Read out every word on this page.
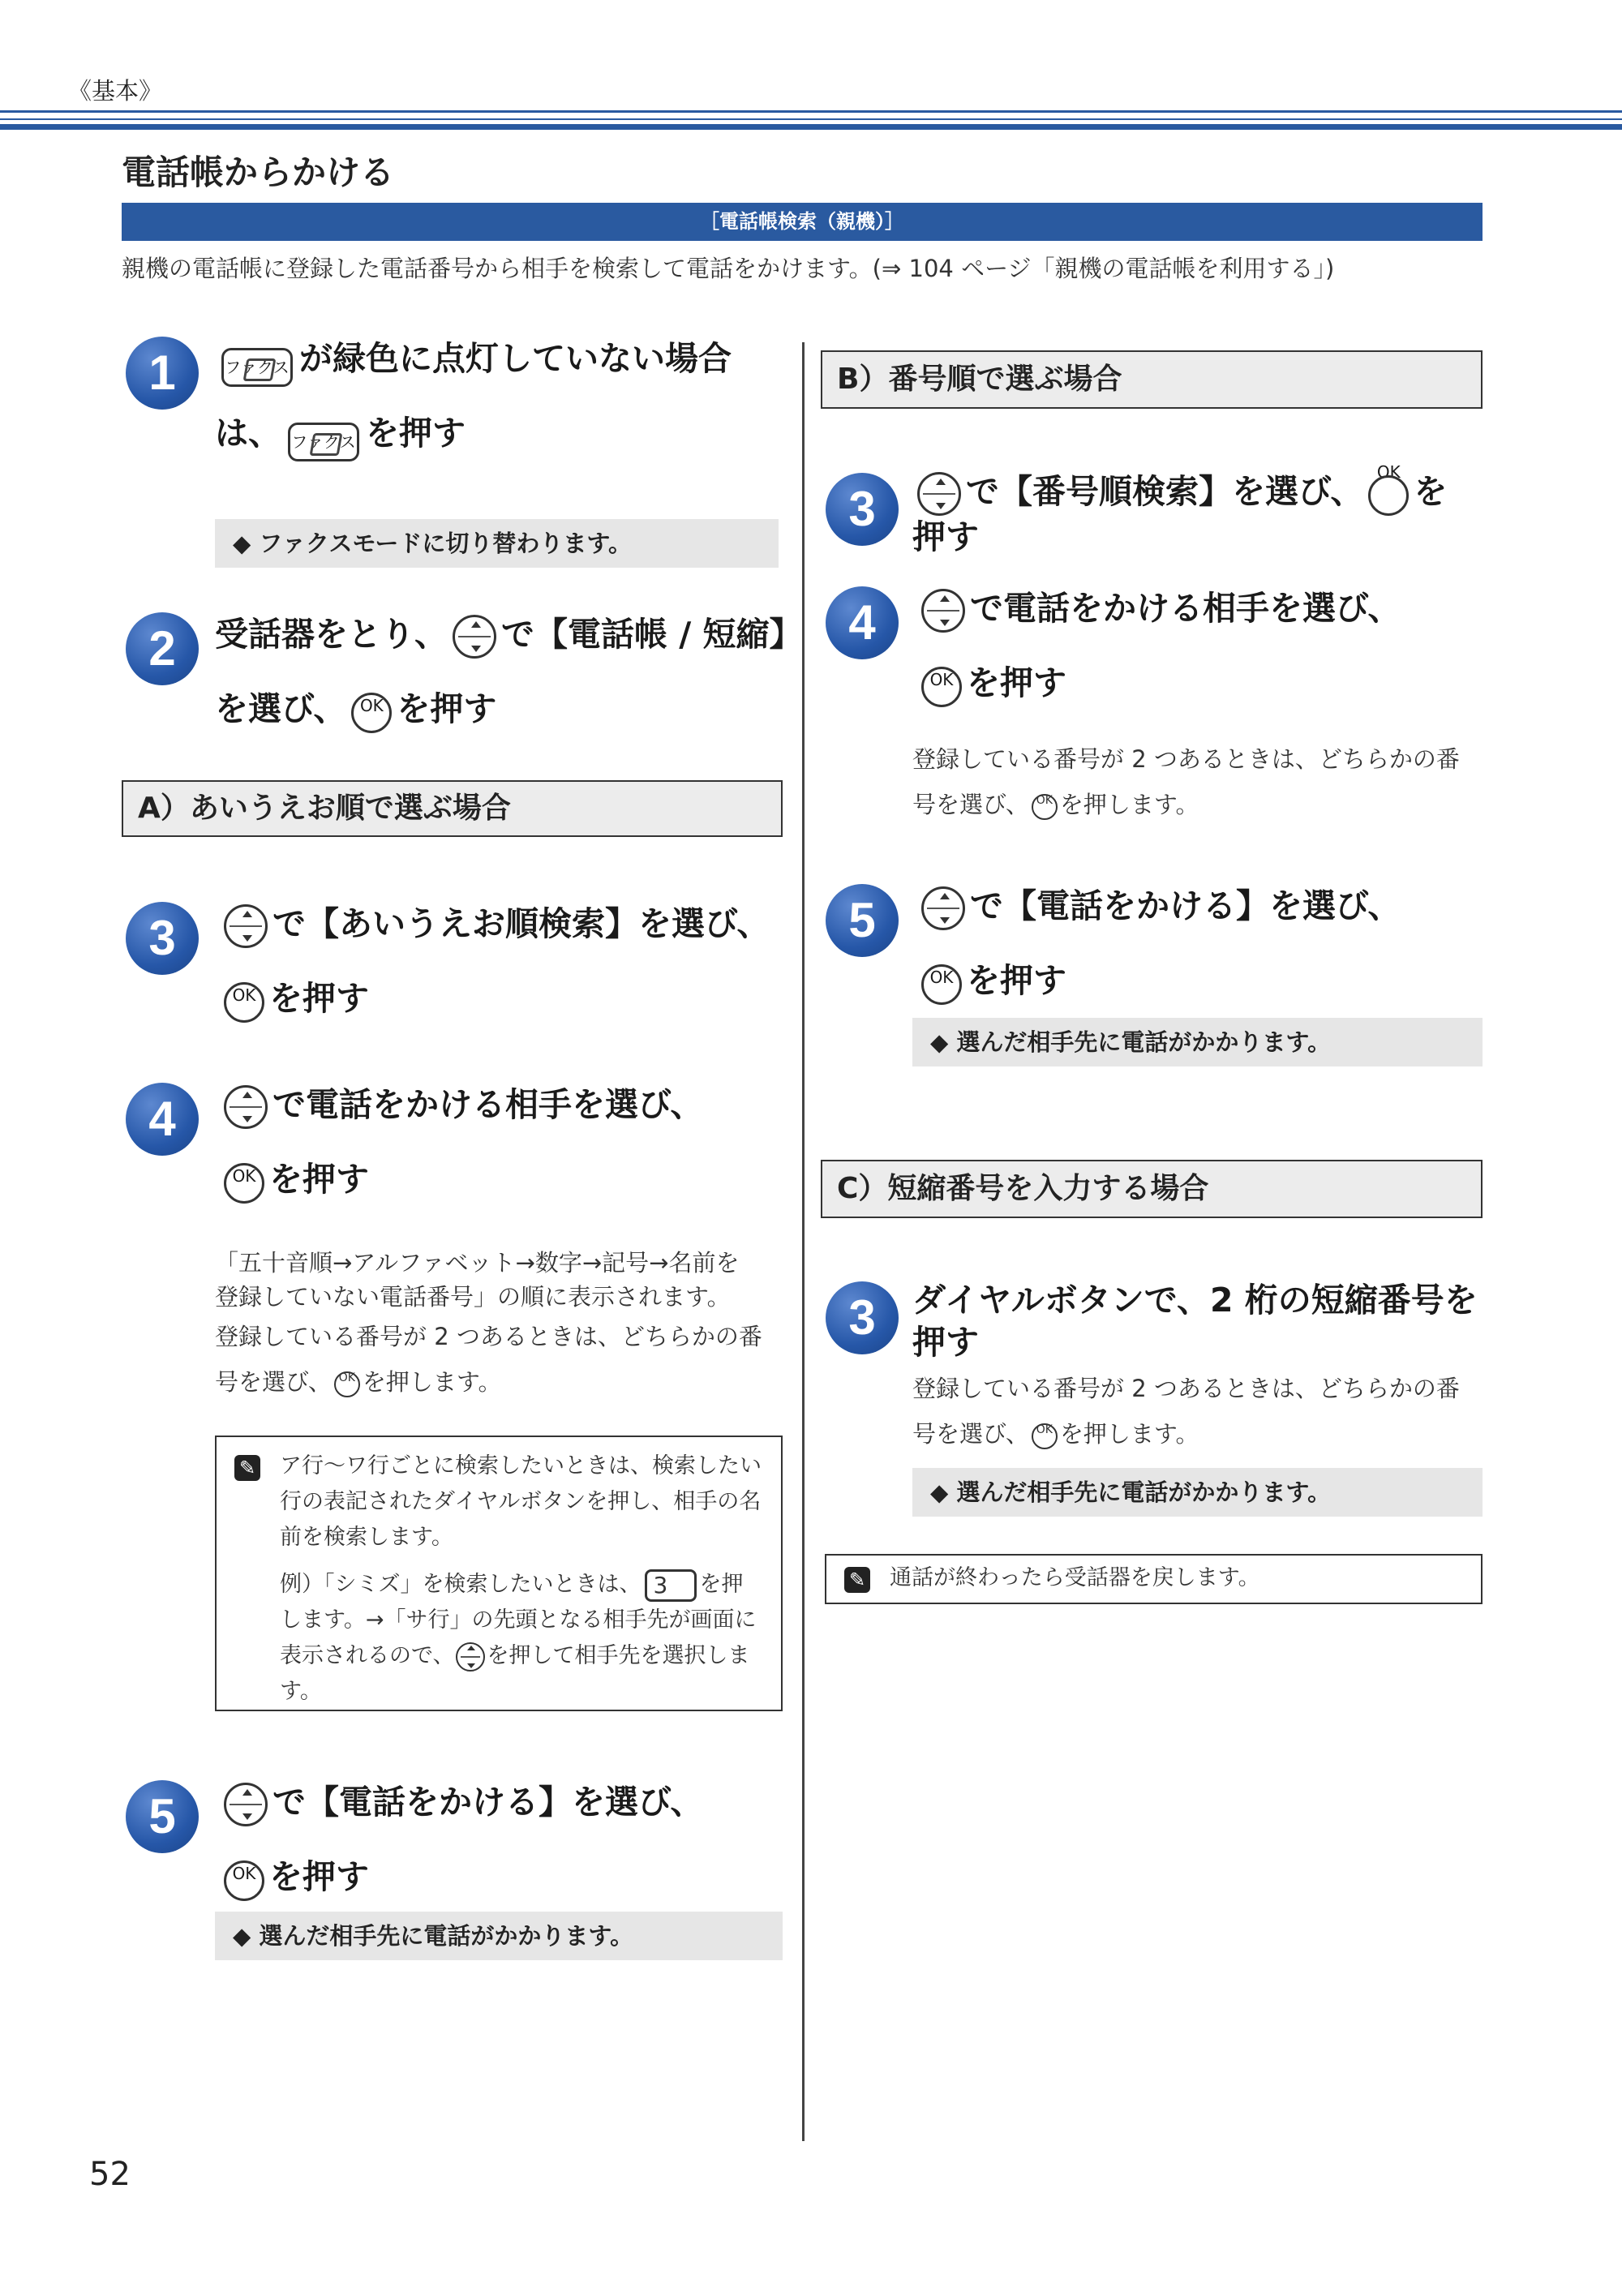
《基本》
電話帳からかける
［電話帳検索（親機）］
親機の電話帳に登録した電話番号から相手を検索して電話をかけます。(⇒ 104 ページ「親機の電話帳を利用する」)
1	ファクス が緑色に点灯していない場合
は、 ファクス を押す
◆ ファクスモードに切り替わります。
2	受話器をとり、 で【電話帳 / 短縮】
を選び、 OK を押す
A）あいうえお順で選ぶ場合
3	で【あいうえお順検索】を選び、
OK を押す
4	で電話をかける相手を選び、
OK を押す
「五十音順→アルファベット→数字→記号→名前を
登録していない電話番号」の順に表示されます。
登録している番号が 2 つあるときは、どちらかの番
号を選び、 OK を押します。
✎ ア行〜ワ行ごとに検索したいときは、検索したい
行の表記されたダイヤルボタンを押し、相手の名
前を検索します。
例）「シミズ」を検索したいときは、 3 を押
します。→「サ行」の先頭となる相手先が画面に
表示されるので、 を押して相手先を選択しま
す。
5	で【電話をかける】を選び、
OK を押す
◆ 選んだ相手先に電話がかかります。
B）番号順で選ぶ場合
3	で【番号順検索】を選び、 OK を
押す
4	で電話をかける相手を選び、
OK を押す
登録している番号が 2 つあるときは、どちらかの番
号を選び、 OK を押します。
5	で【電話をかける】を選び、
OK を押す
◆ 選んだ相手先に電話がかかります。
C）短縮番号を入力する場合
3	ダイヤルボタンで、2 桁の短縮番号を
押す
登録している番号が 2 つあるときは、どちらかの番
号を選び、 OK を押します。
◆ 選んだ相手先に電話がかかります。
✎ 通話が終わったら受話器を戻します。
52
